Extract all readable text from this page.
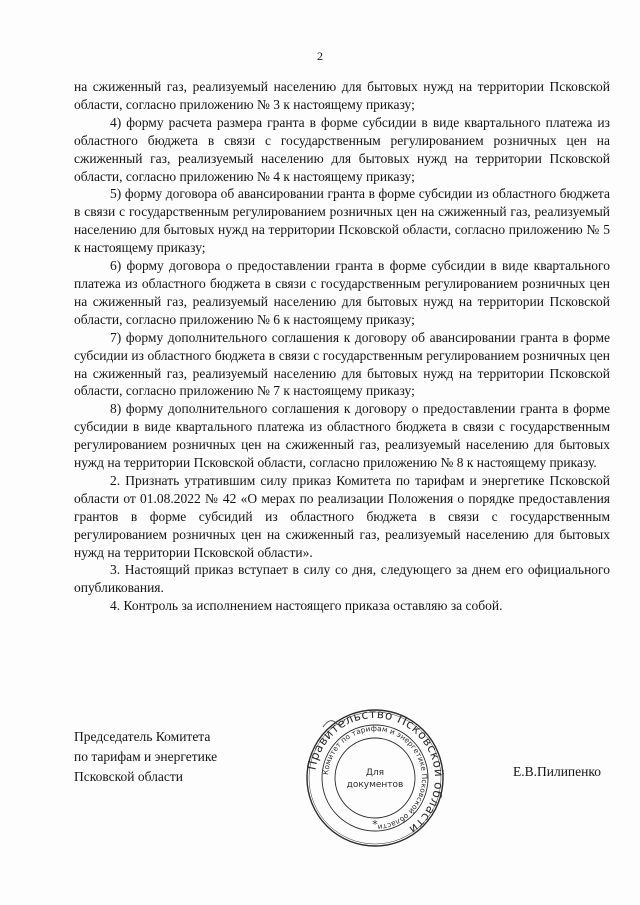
2

на сжиженный газ, реализуемый населению для бытовых нужд на территории Псковской области, согласно приложению № 3 к настоящему приказу;

4) форму расчета размера гранта в форме субсидии в виде квартального платежа из областного бюджета в связи с государственным регулированием розничных цен на сжиженный газ, реализуемый населению для бытовых нужд на территории Псковской области, согласно приложению № 4 к настоящему приказу;

5) форму договора об авансировании гранта в форме субсидии из областного бюджета в связи с государственным регулированием розничных цен на сжиженный газ, реализуемый населению для бытовых нужд на территории Псковской области, согласно приложению № 5 к настоящему приказу;

6) форму договора о предоставлении гранта в форме субсидии в виде квартального платежа из областного бюджета в связи с государственным регулированием розничных цен на сжиженный газ, реализуемый населению для бытовых нужд на территории Псковской области, согласно приложению № 6 к настоящему приказу;

7) форму дополнительного соглашения к договору об авансировании гранта в форме субсидии из областного бюджета в связи с государственным регулированием розничных цен на сжиженный газ, реализуемый населению для бытовых нужд на территории Псковской области, согласно приложению № 7 к настоящему приказу;

8) форму дополнительного соглашения к договору о предоставлении гранта в форме субсидии в виде квартального платежа из областного бюджета в связи с государственным регулированием розничных цен на сжиженный газ, реализуемый населению для бытовых нужд на территории Псковской области, согласно приложению № 8 к настоящему приказу.

2. Признать утратившим силу приказ Комитета по тарифам и энергетике Псковской области от 01.08.2022 № 42 «О мерах по реализации Положения о порядке предоставления грантов в форме субсидий из областного бюджета в связи с государственным регулированием розничных цен на сжиженный газ, реализуемый населению для бытовых нужд на территории Псковской области».

3. Настоящий приказ вступает в силу со дня, следующего за днем его официального опубликования.

4. Контроль за исполнением настоящего приказа оставляю за собой.

Председатель Комитета
по тарифам и энергетике
Псковской области
Правительство Псковской области
Комитет по тарифам и энергетике Псковской области
Для
документов
*
Е.В.Пилипенко
